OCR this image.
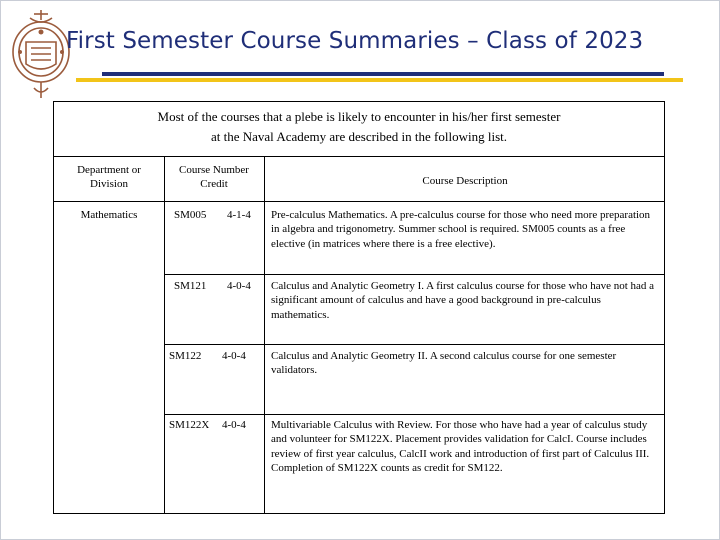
First Semester Course Summaries – Class of 2023
Most of the courses that a plebe is likely to encounter in his/her first semester
at the Naval Academy are described in the following list.
Department or
Division
Course Number
Credit	Course Description
Mathematics	SM005 4-1-4 Pre-calculus Mathematics. A pre-calculus course for those who need more preparation in algebra and trigonometry. Summer school is required. SM005 counts as a free elective (in matrices where there is a free elective).
SM121 4-0-4 Calculus and Analytic Geometry I. A first calculus course for those who have not had a significant amount of calculus and have a good background in pre-calculus mathematics.
SM122 4-0-4 Calculus and Analytic Geometry II. A second calculus course for one semester validators.
SM122X 4-0-4 Multivariable Calculus with Review. For those who have had a year of calculus study and volunteer for SM122X. Placement provides validation for CalcI. Course includes review of first year calculus, CalcII work and introduction of first part of Calculus III. Completion of SM122X counts as credit for SM122.
